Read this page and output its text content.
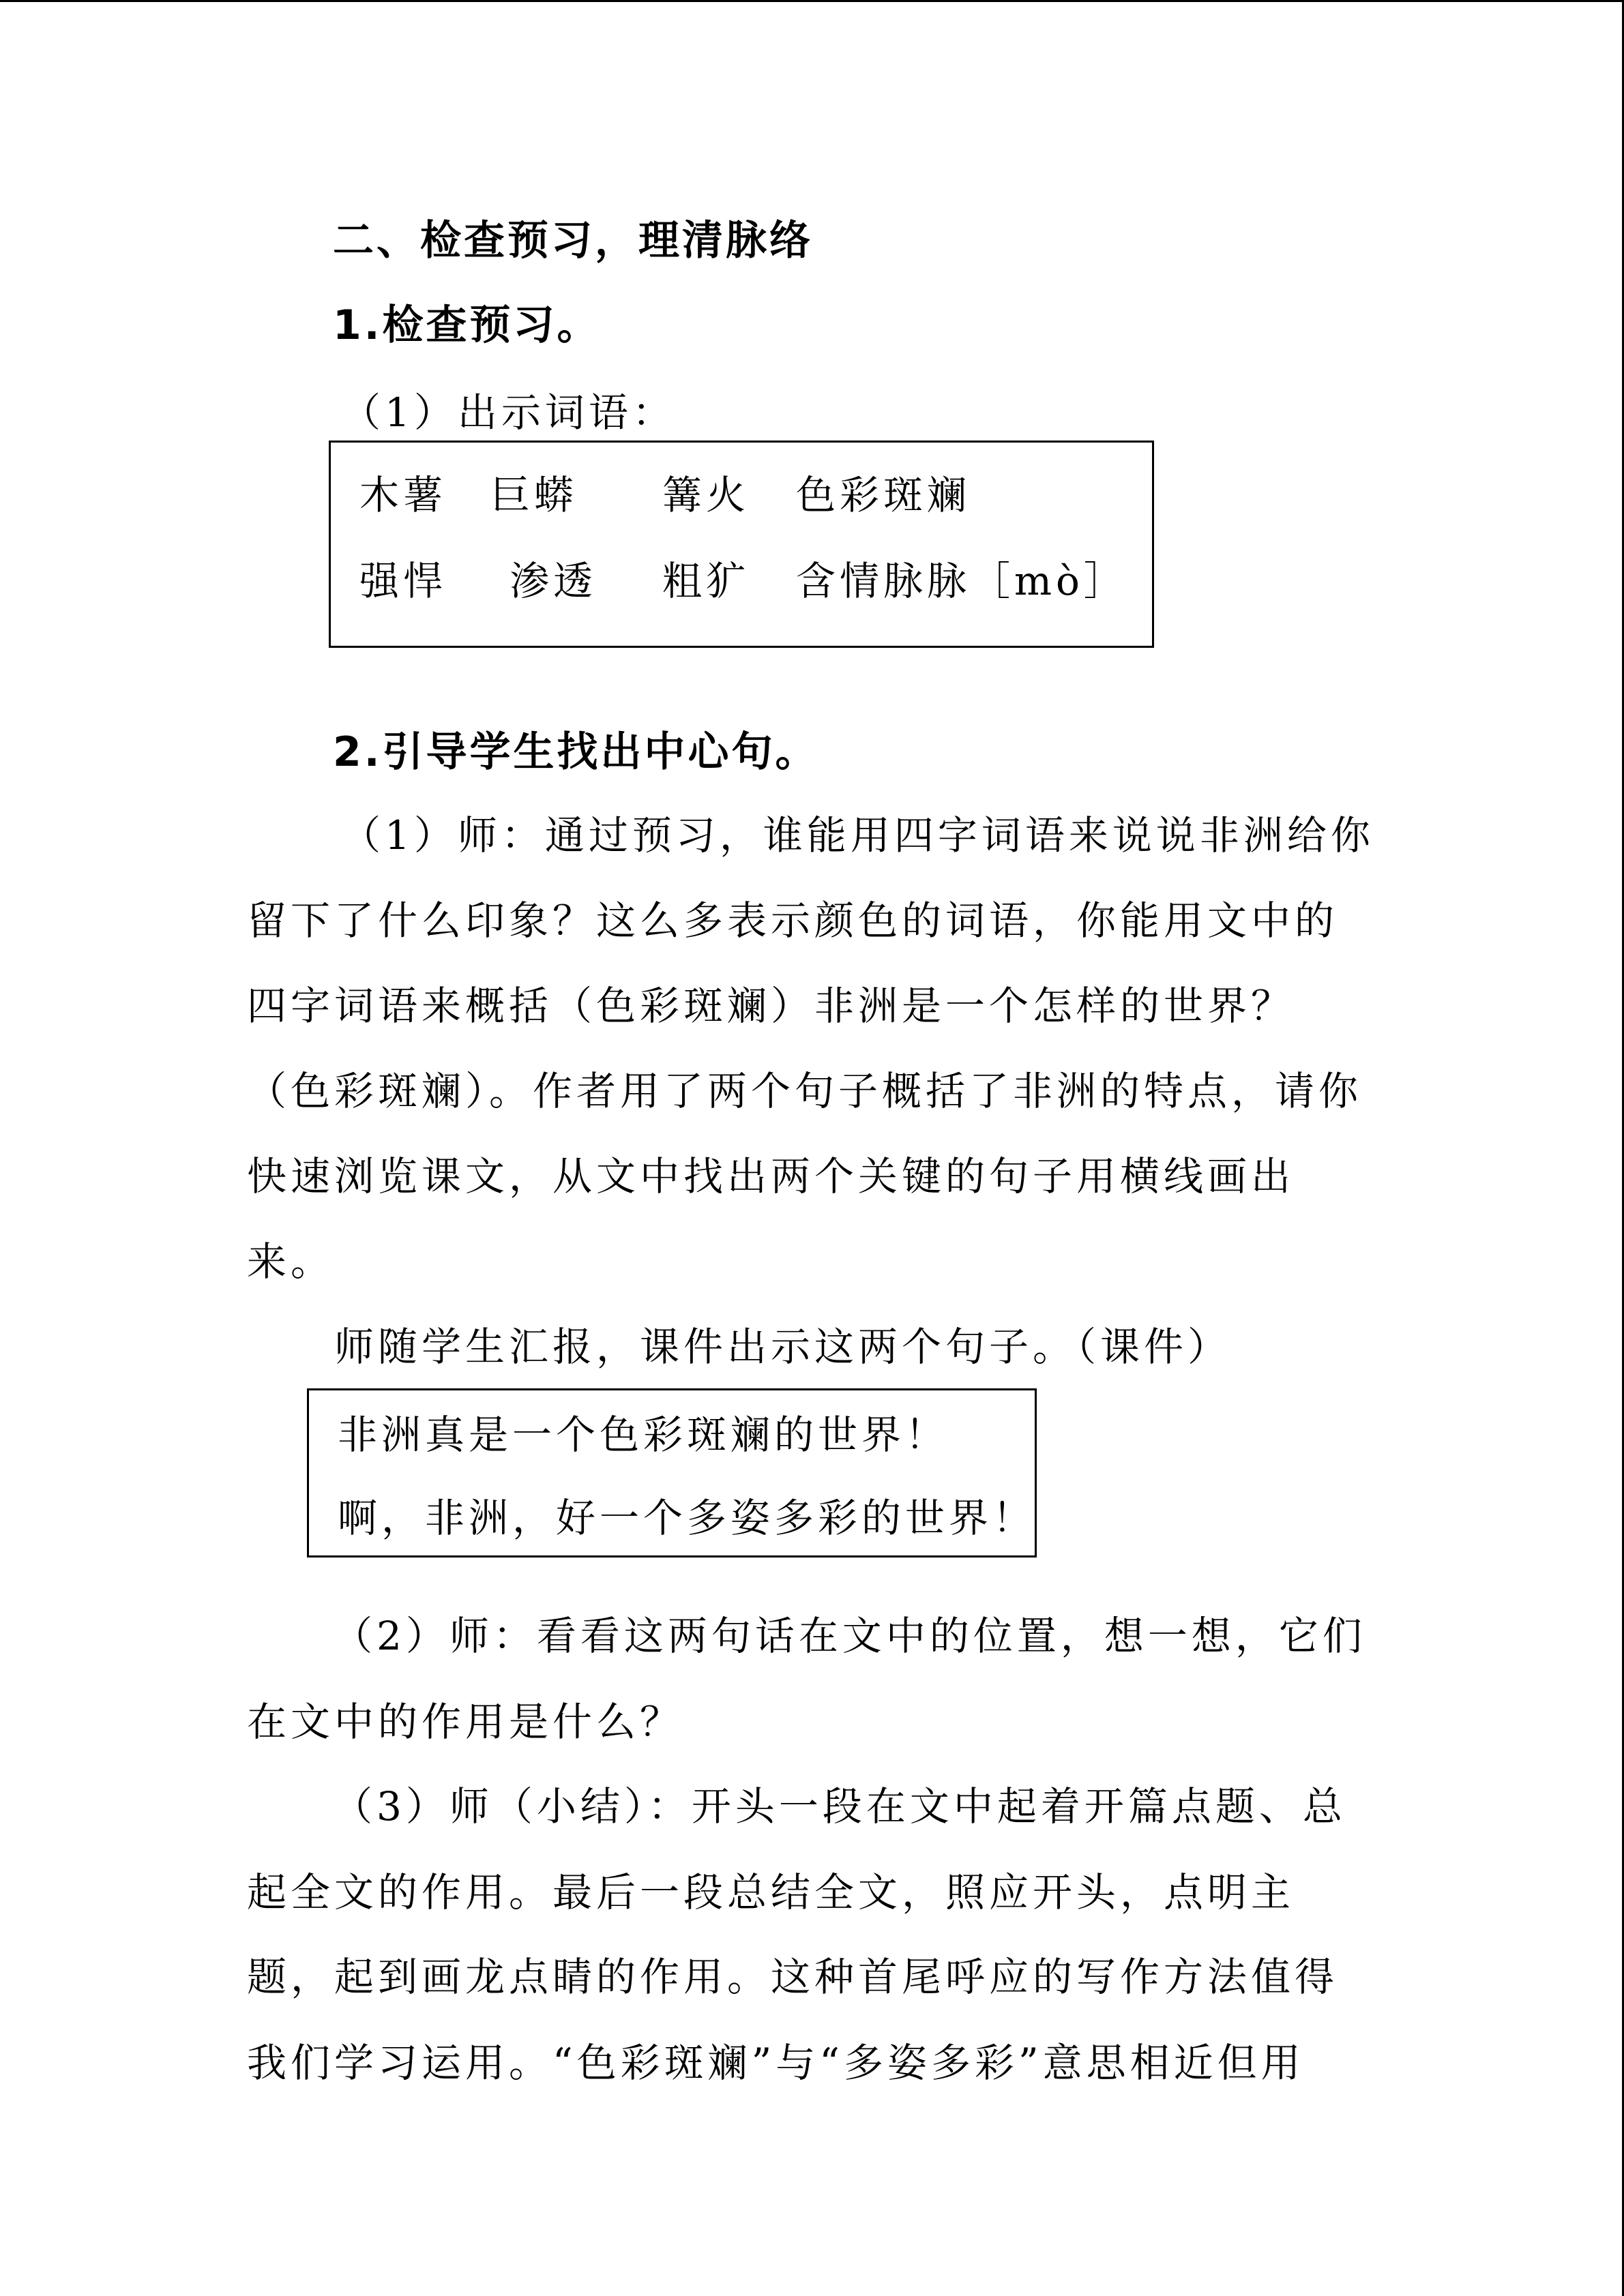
二、检查预习，理清脉络
1.检查预习。
（1）出示词语：
木薯 巨蟒 篝火 色彩斑斓
强悍 渗透 粗犷 含情脉脉［mò］
2.引导学生找出中心句。
（1）师：通过预习，谁能用四字词语来说说非洲给你
留下了什么印象？这么多表示颜色的词语，你能用文中的
四字词语来概括（色彩斑斓）非洲是一个怎样的世界？
（色彩斑斓）。作者用了两个句子概括了非洲的特点，请你
快速浏览课文，从文中找出两个关键的句子用横线画出
来。
师随学生汇报，课件出示这两个句子。（课件）
非洲真是一个色彩斑斓的世界！
啊，非洲，好一个多姿多彩的世界！
（2）师：看看这两句话在文中的位置，想一想，它们
在文中的作用是什么？
（3）师（小结）：开头一段在文中起着开篇点题、总
起全文的作用。最后一段总结全文，照应开头，点明主
题，起到画龙点睛的作用。这种首尾呼应的写作方法值得
我们学习运用。“色彩斑斓”与“多姿多彩”意思相近但用
